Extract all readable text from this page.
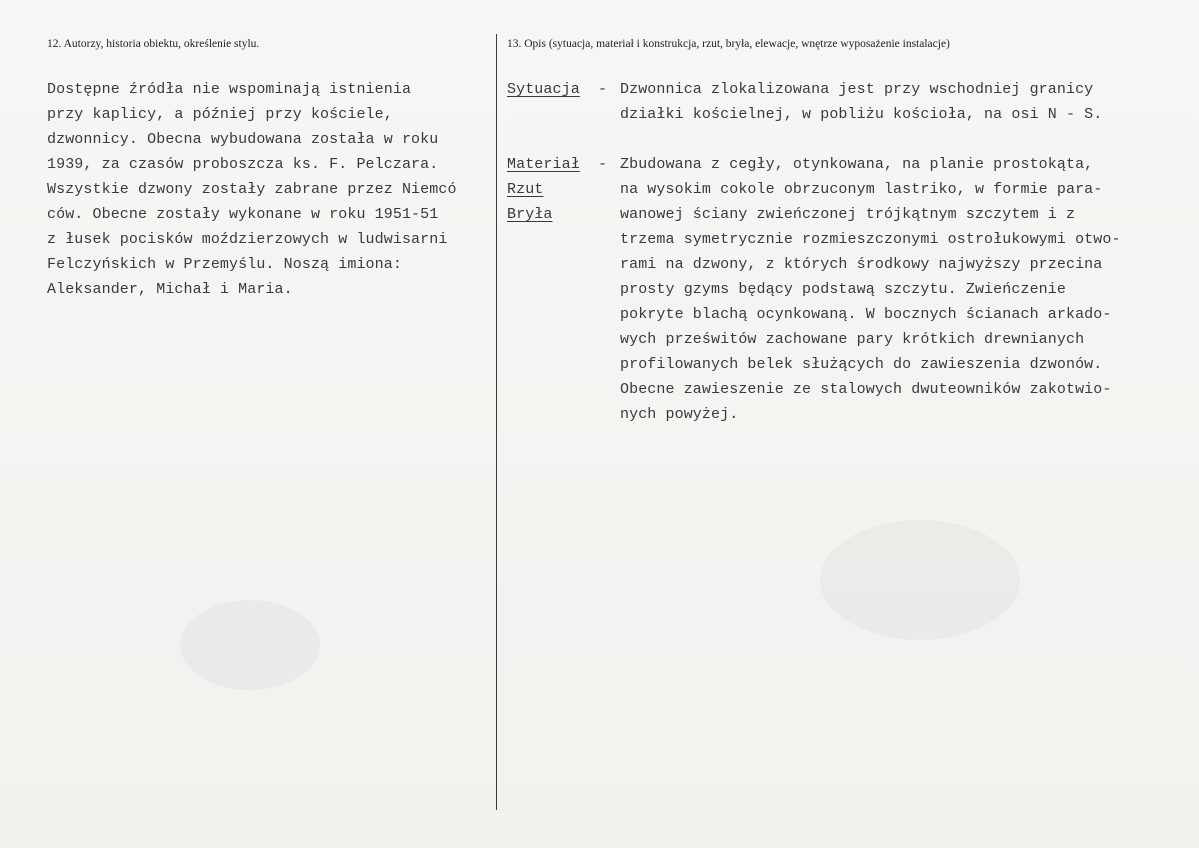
12. Autorzy, historia obiektu, określenie stylu.	13. Opis (sytuacja, materiał i konstrukcja, rzut, bryła, elewacje, wnętrze wyposażenie instalacje)
Dostępne źródła nie wspominają istnienia
przy kaplicy, a później przy kościele,
dzwonnicy. Obecna wybudowana została w roku
1939, za czasów proboszcza ks. F. Pelczara.
Wszystkie dzwony zostały zabrane przez Niemcó
ców. Obecne zostały wykonane w roku 1951-51
z łusek pocisków moździerzowych w ludwisarni
Felczyńskich w Przemyślu. Noszą imiona:
Aleksander, Michał i Maria.
Sytuacja -
Materiał -
Rzut
Bryła
Dzwonnica zlokalizowana jest przy wschodniej granicy
działki kościelnej, w pobliżu kościoła, na osi N - S.
Zbudowana z cegły, otynkowana, na planie prostokąta,
na wysokim cokole obrzuconym lastriko, w formie para-
wanowej ściany zwieńczonej trójkątnym szczytem i z
trzema symetrycznie rozmieszczonymi ostrołukowymi otwo-
rami na dzwony, z których środkowy najwyższy przecina
prosty gzyms będący podstawą szczytu. Zwieńczenie
pokryte blachą ocynkowaną. W bocznych ścianach arkado-
wych prześwitów zachowane pary krótkich drewnianych
profilowanych belek służących do zawieszenia dzwonów.
Obecne zawieszenie ze stalowych dwuteowników zakotwio-
nych powyżej.
